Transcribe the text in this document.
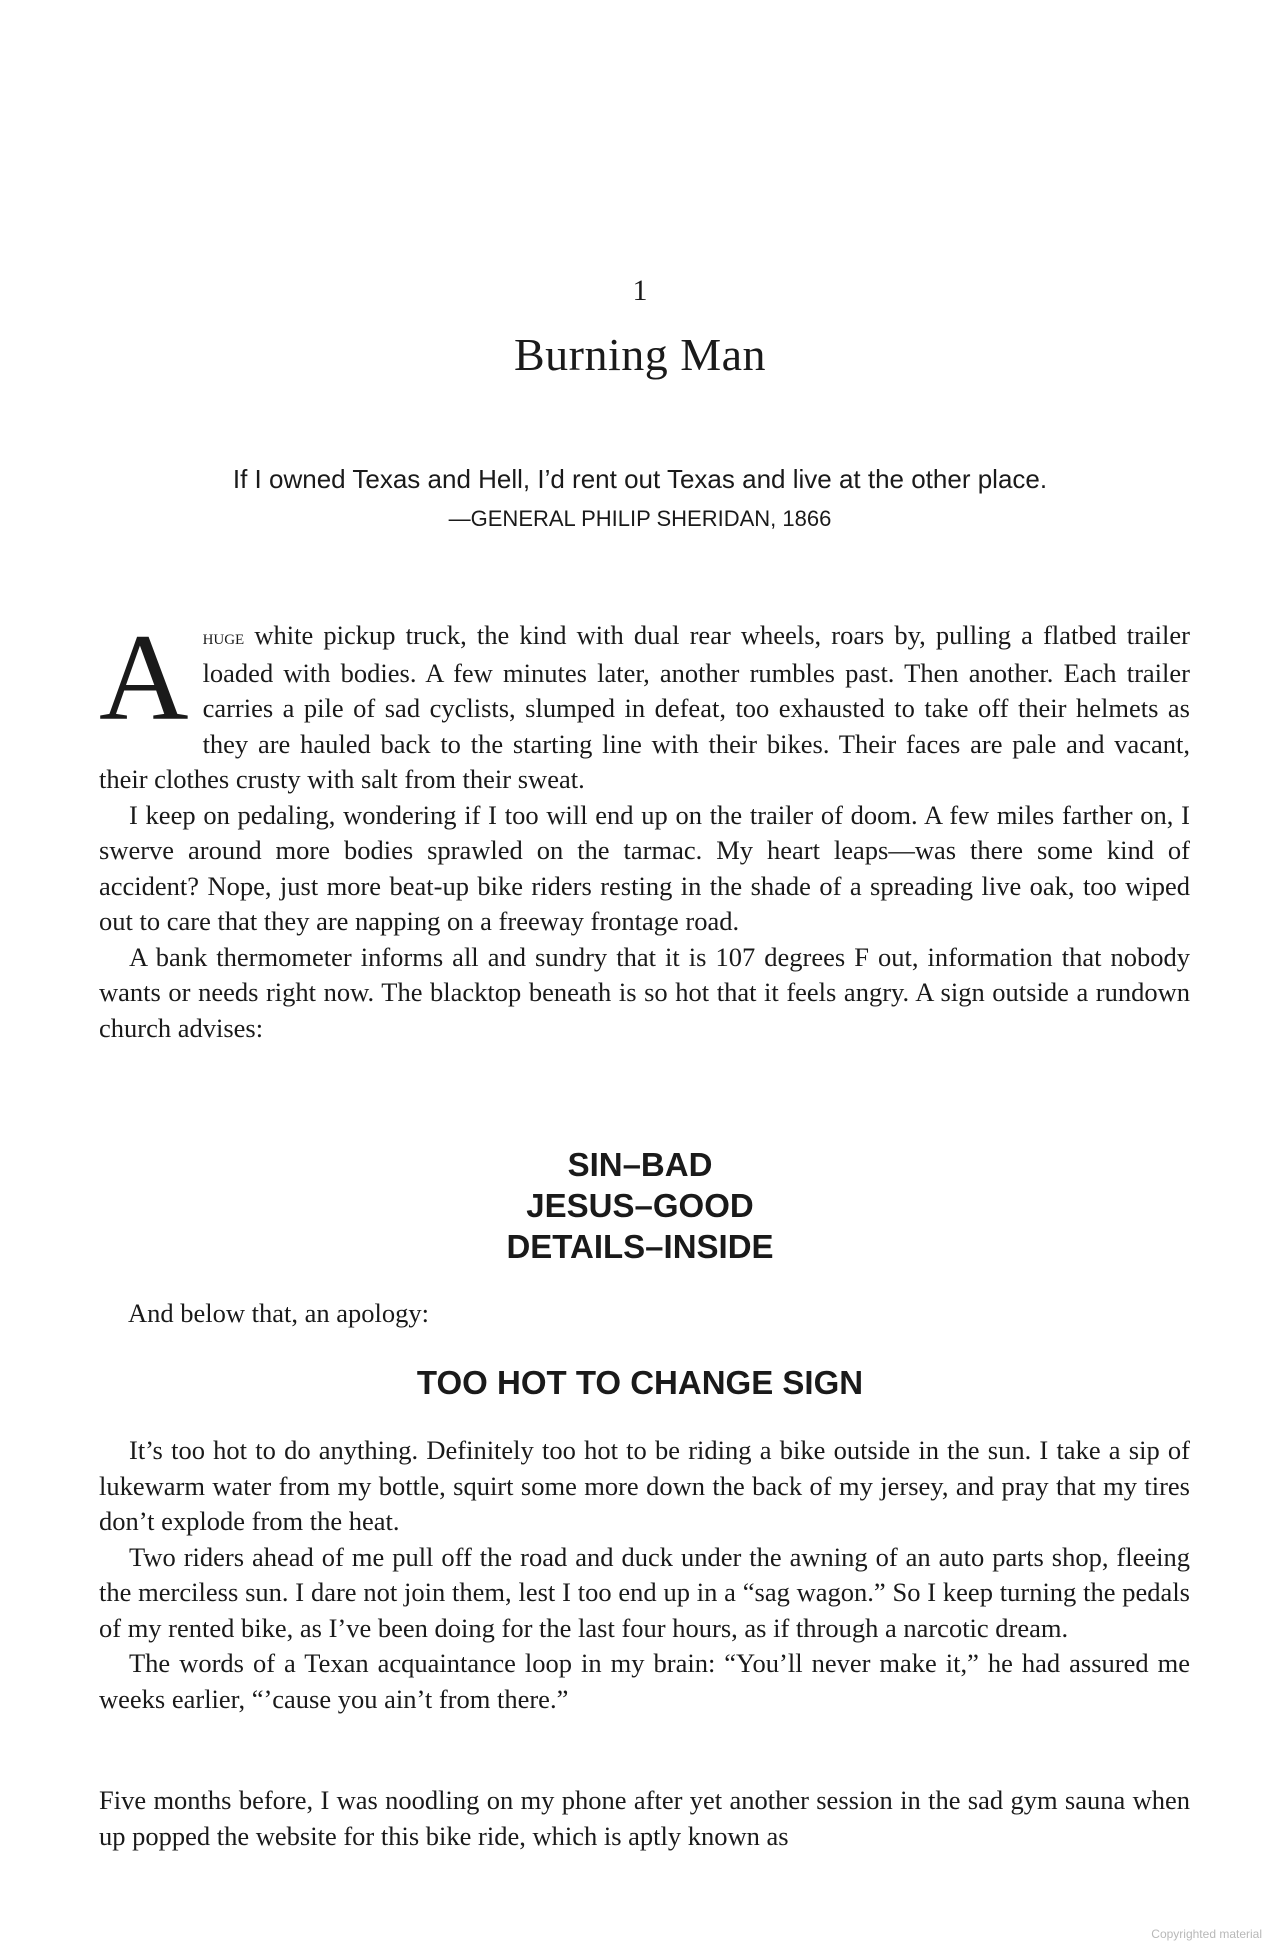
1
Burning Man
If I owned Texas and Hell, I’d rent out Texas and live at the other place.
—GENERAL PHILIP SHERIDAN, 1866

Ahuge white pickup truck, the kind with dual rear wheels, roars by, pulling a flatbed trailer loaded with bodies. A few minutes later, another rumbles past. Then another. Each trailer carries a pile of sad cyclists, slumped in defeat, too exhausted to take off their helmets as they are hauled back to the starting line with their bikes. Their faces are pale and vacant, their clothes crusty with salt from their sweat.

I keep on pedaling, wondering if I too will end up on the trailer of doom. A few miles farther on, I swerve around more bodies sprawled on the tarmac. My heart leaps—was there some kind of accident? Nope, just more beat-up bike riders resting in the shade of a spreading live oak, too wiped out to care that they are napping on a freeway frontage road.

A bank thermometer informs all and sundry that it is 107 degrees F out, information that nobody wants or needs right now. The blacktop beneath is so hot that it feels angry. A sign outside a rundown church advises:

SIN–BAD
JESUS–GOOD
DETAILS–INSIDE
And below that, an apology:
TOO HOT TO CHANGE SIGN

It’s too hot to do anything. Definitely too hot to be riding a bike outside in the sun. I take a sip of lukewarm water from my bottle, squirt some more down the back of my jersey, and pray that my tires don’t explode from the heat.

Two riders ahead of me pull off the road and duck under the awning of an auto parts shop, fleeing the merciless sun. I dare not join them, lest I too end up in a “sag wagon.” So I keep turning the pedals of my rented bike, as I’ve been doing for the last four hours, as if through a narcotic dream.

The words of a Texan acquaintance loop in my brain: “You’ll never make it,” he had assured me weeks earlier, “’cause you ain’t from there.”

Five months before, I was noodling on my phone after yet another session in the sad gym sauna when up popped the website for this bike ride, which is aptly known as

Copyrighted material
